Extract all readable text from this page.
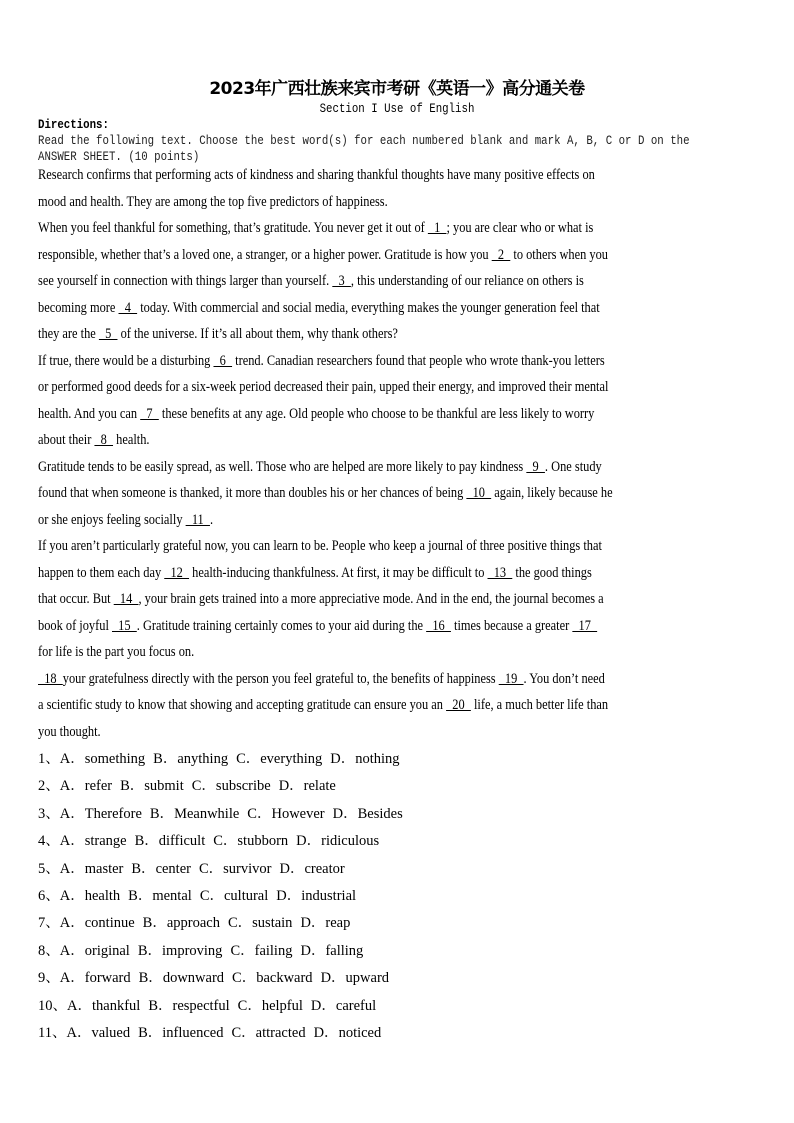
2023年广西壮族来宾市考研《英语一》高分通关卷
Section I Use of English
Directions:
Read the following text. Choose the best word(s) for each numbered blank and mark A, B, C or D on the
ANSWER SHEET. (10 points)
Research confirms that performing acts of kindness and sharing thankful thoughts have many positive effects on
mood and health. They are among the top five predictors of happiness.
When you feel thankful for something, that’s gratitude. You never get it out of   1  ; you are clear who or what is
responsible, whether that’s a loved one, a stranger, or a higher power. Gratitude is how you   2   to others when you
see yourself in connection with things larger than yourself.   3  , this understanding of our reliance on others is
becoming more   4   today. With commercial and social media, everything makes the younger generation feel that
they are the   5   of the universe. If it’s all about them, why thank others?
If true, there would be a disturbing   6   trend. Canadian researchers found that people who wrote thank-you letters
or performed good deeds for a six-week period decreased their pain, upped their energy, and improved their mental
health. And you can   7   these benefits at any age. Old people who choose to be thankful are less likely to worry
about their   8   health.
Gratitude tends to be easily spread, as well. Those who are helped are more likely to pay kindness   9  . One study
found that when someone is thanked, it more than doubles his or her chances of being   10   again, likely because he
or she enjoys feeling socially   11  .
If you aren’t particularly grateful now, you can learn to be. People who keep a journal of three positive things that
happen to them each day   12   health-inducing thankfulness. At first, it may be difficult to   13   the good things
that occur. But   14  , your brain gets trained into a more appreciative mode. And in the end, the journal becomes a
book of joyful   15  . Gratitude training certainly comes to your aid during the   16   times because a greater   17
for life is the part you focus on.
18  your gratefulness directly with the person you feel grateful to, the benefits of happiness   19  . You don’t need
a scientific study to know that showing and accepting gratitude can ensure you an   20   life, a much better life than
you thought.
1、A．something B．anything C．everything D．nothing
2、A．refer B．submit C．subscribe D．relate
3、A．Therefore B．Meanwhile C．However D．Besides
4、A．strange B．difficult C．stubborn D．ridiculous
5、A．master B．center C．survivor D．creator
6、A．health B．mental C．cultural D．industrial
7、A．continue B．approach C．sustain D．reap
8、A．original B．improving C．failing D．falling
9、A．forward B．downward C．backward D．upward
10、A．thankful B．respectful C．helpful D．careful
11、A．valued B．influenced C．attracted D．noticed
